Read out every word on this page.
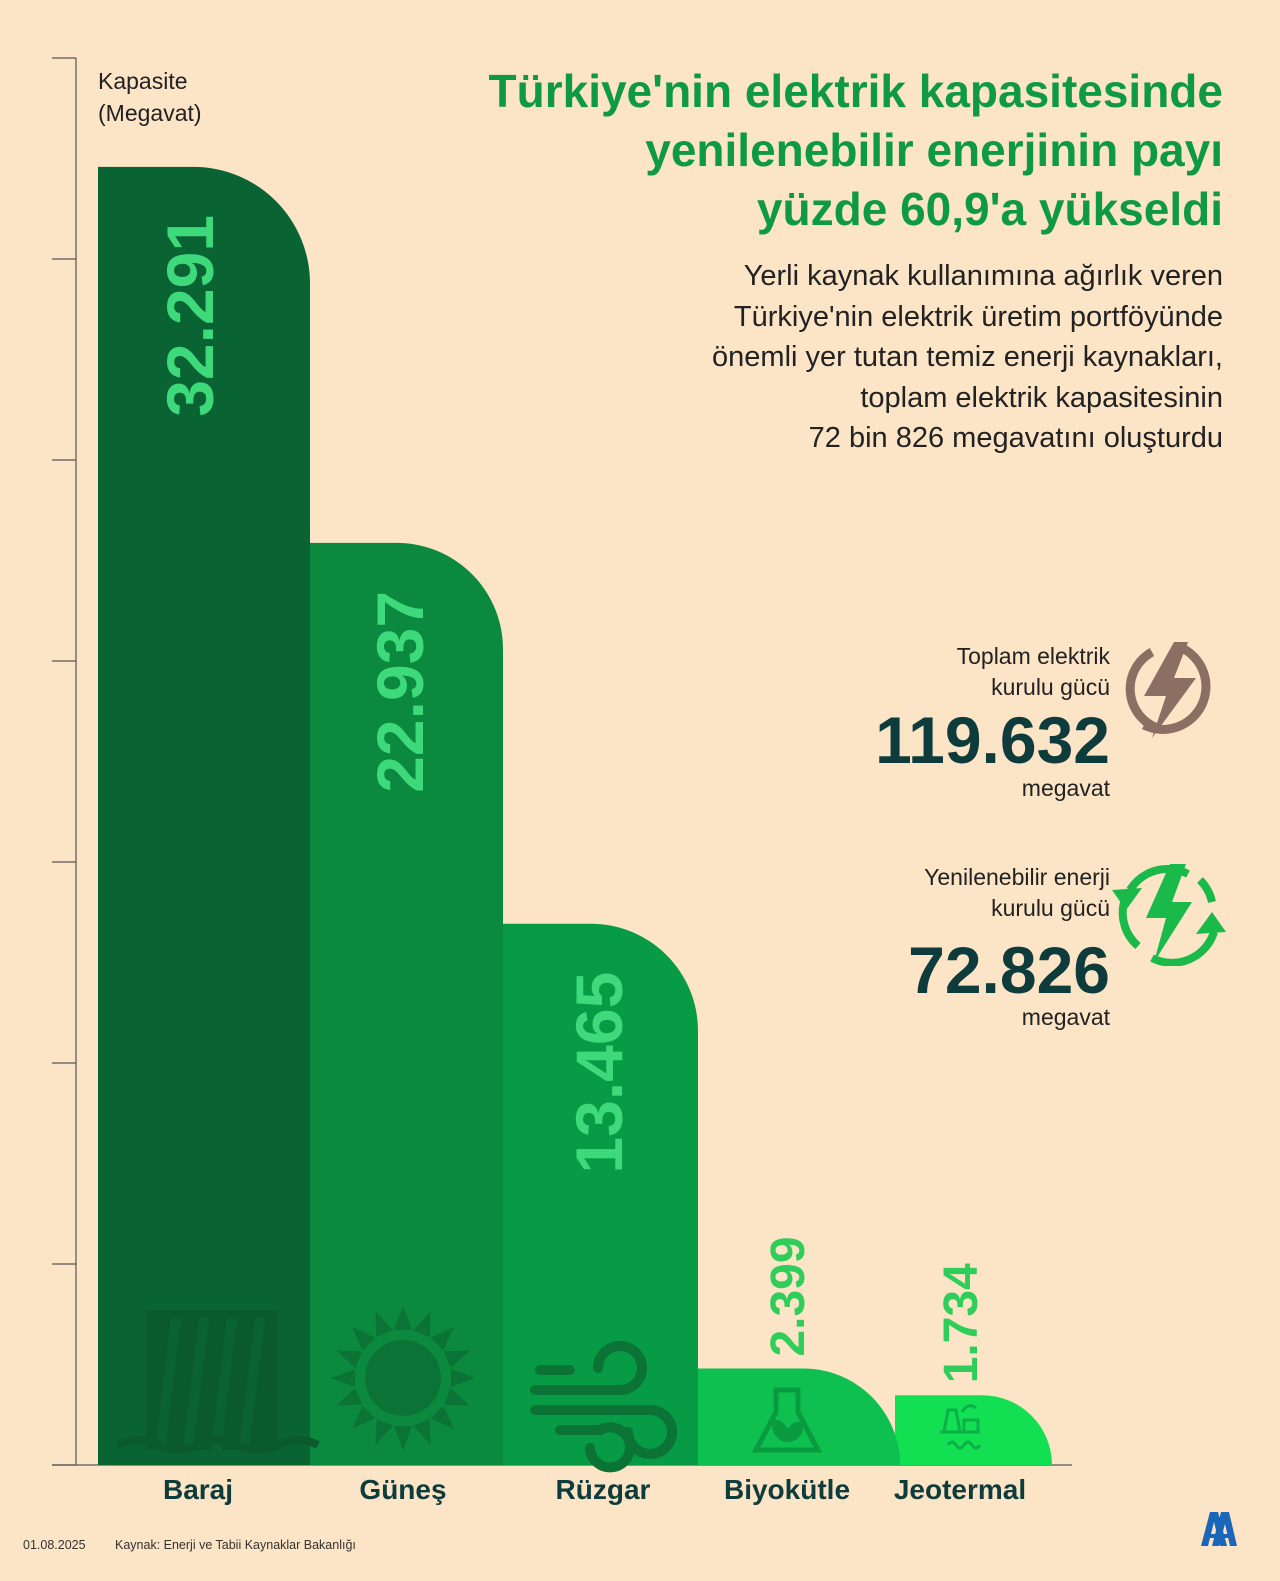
32.291
22.937
13.465
2.399	1.734
Baraj	Güneş	Rüzgar	Biyokütle Jeotermal
Türkiye'nin elektrik kapasitesinde
yenilenebilir enerjinin payı
yüzde 60,9'a yükseldi
Yerli kaynak kullanımına ağırlık veren
Türkiye'nin elektrik üretim portföyünde
önemli yer tutan temiz enerji kaynakları,
toplam elektrik kapasitesinin
72 bin 826 megavatını oluşturdu
Kapasite
(Megavat)
Toplam elektrik
kurulu gücü
119.632
megavat
Yenilenebilir enerji
kurulu gücü
72.826
megavat
01.08.2025 Kaynak: Enerji ve Tabii Kaynaklar Bakanlığı
